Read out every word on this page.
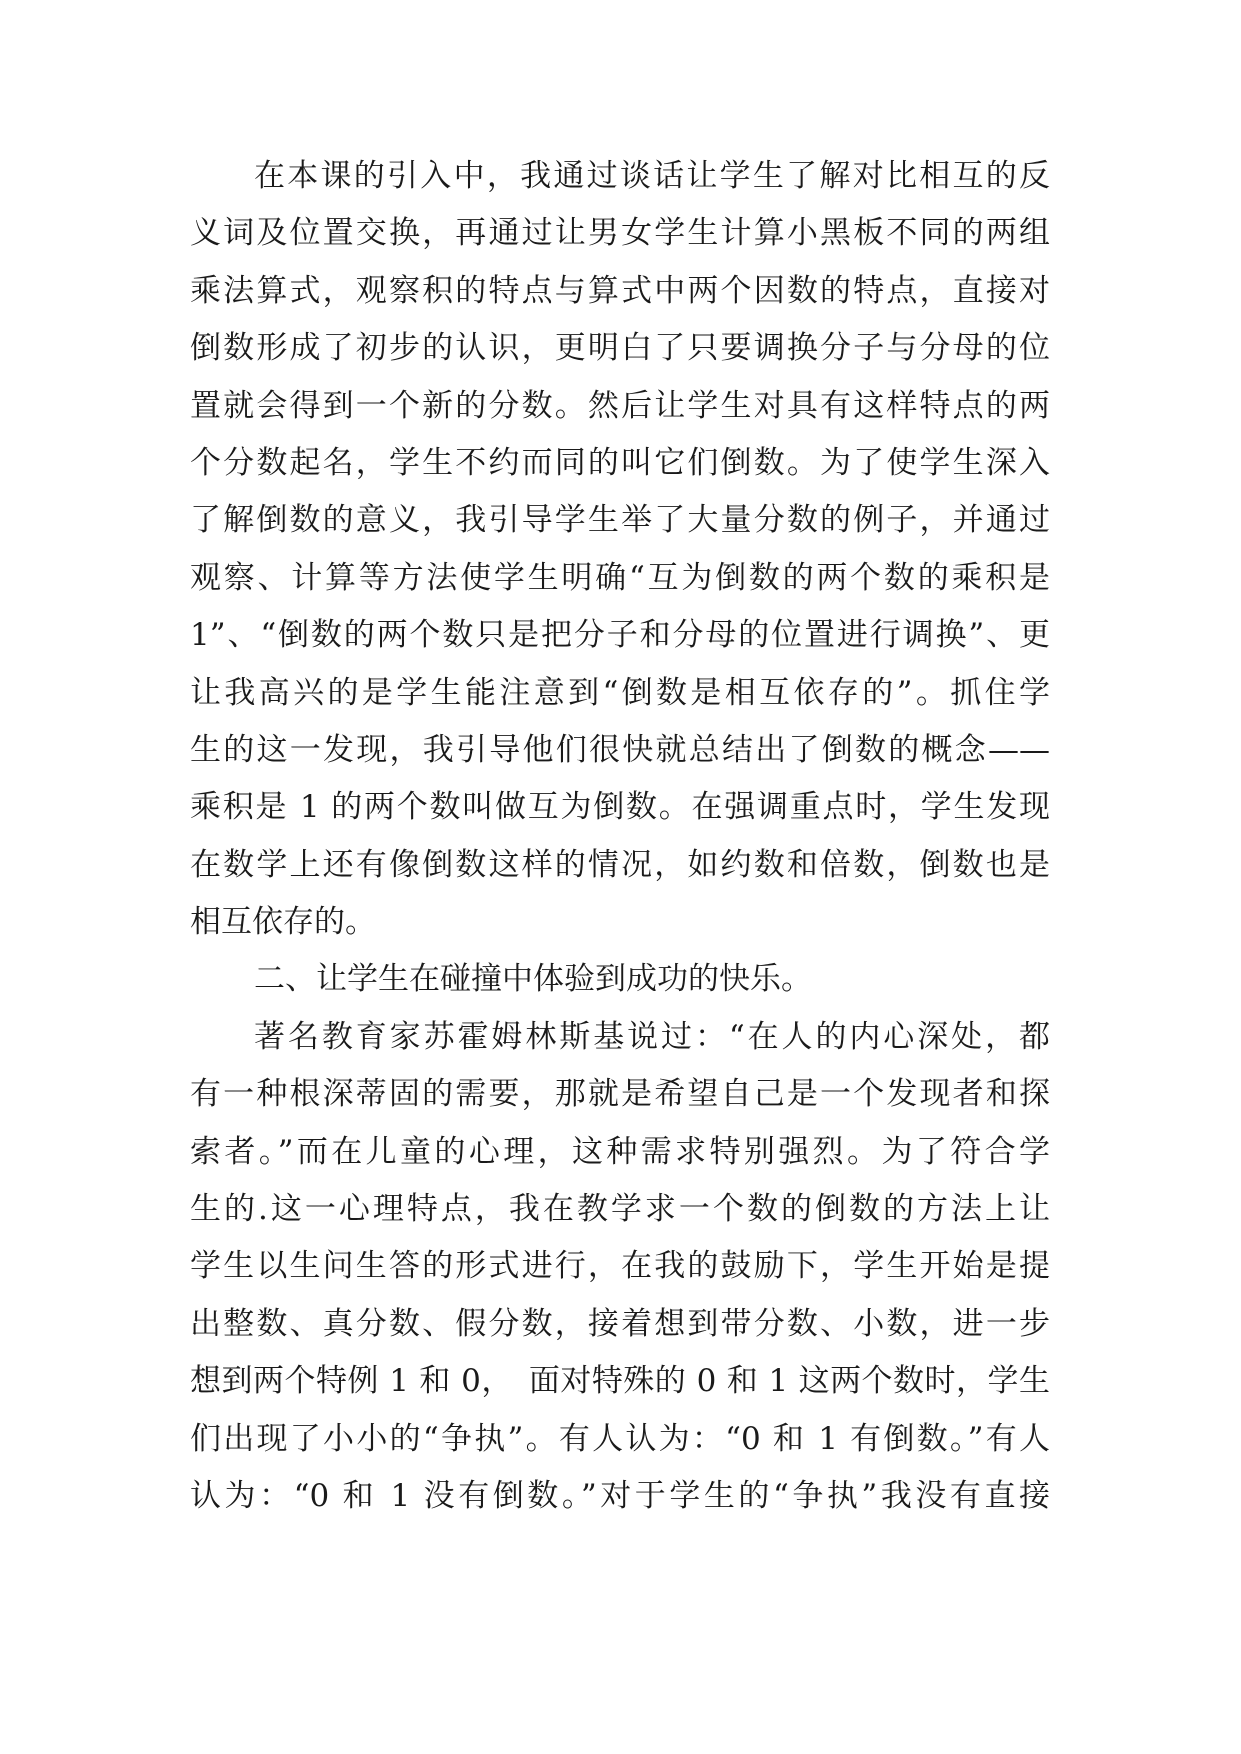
在本课的引入中，我通过谈话让学生了解对比相互的反
义词及位置交换，再通过让男女学生计算小黑板不同的两组
乘法算式，观察积的特点与算式中两个因数的特点，直接对
倒数形成了初步的认识，更明白了只要调换分子与分母的位
置就会得到一个新的分数。然后让学生对具有这样特点的两
个分数起名，学生不约而同的叫它们倒数。为了使学生深入
了解倒数的意义，我引导学生举了大量分数的例子，并通过
观察、计算等方法使学生明确“互为倒数的两个数的乘积是
1”、“倒数的两个数只是把分子和分母的位置进行调换”、更
让我高兴的是学生能注意到“倒数是相互依存的”。抓住学
生的这一发现，我引导他们很快就总结出了倒数的概念——
乘积是 1 的两个数叫做互为倒数。在强调重点时，学生发现
在数学上还有像倒数这样的情况，如约数和倍数，倒数也是
相互依存的。
二、让学生在碰撞中体验到成功的快乐。
著名教育家苏霍姆林斯基说过：“在人的内心深处，都
有一种根深蒂固的需要，那就是希望自己是一个发现者和探
索者。”而在儿童的心理，这种需求特别强烈。为了符合学
生的.这一心理特点，我在教学求一个数的倒数的方法上让
学生以生问生答的形式进行，在我的鼓励下，学生开始是提
出整数、真分数、假分数，接着想到带分数、小数，进一步
想到两个特例 1 和 0，　面对特殊的 0 和 1 这两个数时，学生
们出现了小小的“争执”。有人认为：“0 和 1 有倒数。”有人
认为：“0 和 1 没有倒数。”对于学生的“争执”我没有直接
